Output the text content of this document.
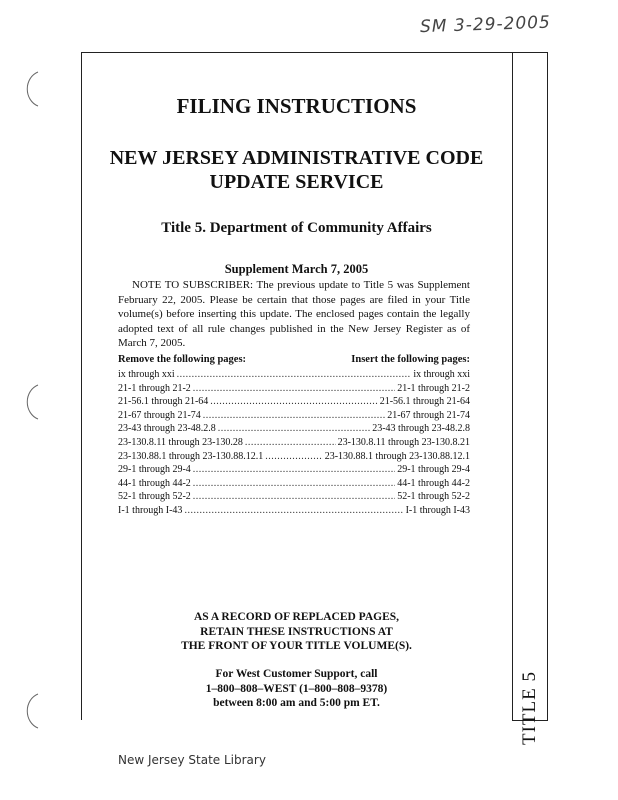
SM 3-29-2005
TITLE 5
FILING INSTRUCTIONS
NEW JERSEY ADMINISTRATIVE CODE
UPDATE SERVICE
Title 5. Department of Community Affairs
Supplement March 7, 2005
NOTE TO SUBSCRIBER: The previous update to Title 5 was Supplement February 22, 2005. Please be certain that those pages are filed in your Title volume(s) before inserting this update. The enclosed pages contain the legally adopted text of all rule changes published in the New Jersey Register as of March 7, 2005.
Remove the following pages:	Insert the following pages:
ix through xxi .....	ix through xxi
21-1 through 21-2 .....	21-1 through 21-2
21-56.1 through 21-64 .....	21-56.1 through 21-64
21-67 through 21-74 .....	21-67 through 21-74
23-43 through 23-48.2.8 .....	23-43 through 23-48.2.8
23-130.8.11 through 23-130.28 .....	23-130.8.11 through 23-130.8.21
23-130.88.1 through 23-130.88.12.1 .....	23-130.88.1 through 23-130.88.12.1
29-1 through 29-4 .....	29-1 through 29-4
44-1 through 44-2 .....	44-1 through 44-2
52-1 through 52-2 .....	52-1 through 52-2
I-1 through I-43 .....	I-1 through I-43
AS A RECORD OF REPLACED PAGES,
RETAIN THESE INSTRUCTIONS AT
THE FRONT OF YOUR TITLE VOLUME(S).
For West Customer Support, call
1–800–808–WEST (1–800–808–9378)
between 8:00 am and 5:00 pm ET.
New Jersey State Library
